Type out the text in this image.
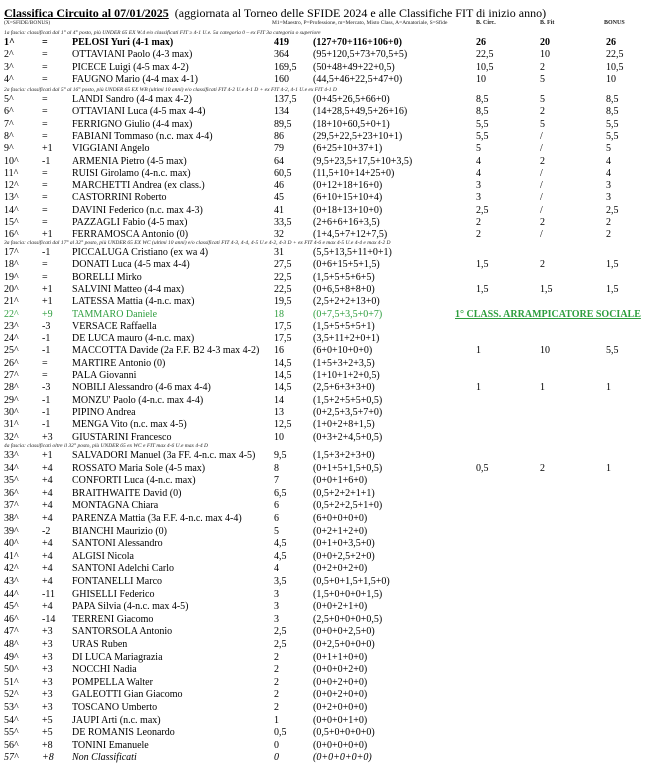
Classifica Circuito al 07/01/2025 (aggiornata al Torneo delle SFIDE 2024 e alle Classifiche FIT di inizio anno)
(X=SFIDE/BONUS)	M1=Maestro, P=Professione, m=Mercato, Misto Class, A=Amatoriale, S=Sfide	B. Circ.	B. Fit	BONUS
1a fascia: classificati dal 1° al 4° posto, più UNDER 65 EX W.4 e/o classificati FIT ≥ 4-1 U.e. 5a categoria 0 – ex FIT 3a categoria o superiore
2a fascia: classificati dal 5° al 16° posto, più UNDER 65 EX WB (ultimi 10 anni) e/o classificati FIT 4-2 U.e 4-1 D + ex FIT 4-2, 4-1 U.e ex FIT 4-1 D
3a fascia: classificati dal 17° al 32° posto, più UNDER 65 EX WC (ultimi 10 anni) e/o classificati FIT 4-3, 4-4, 4-5 U.e 4-2, 4-3 D + ex FIT 4-6 e max 4-5 U.e 4-4 e max 4-2 D
4a fascia: classificati oltre il 32° posto, più UNDER 65 ex WC e FIT max 4-6 U.e max 4-4 D
1^	= PELOSI Yuri (4-1 max)	419 (127+70+116+106+0)	26	20	26
2^	= OTTAVIANI Paolo (4-3 max)	364 (95+120,5+73+70,5+5)	22,5	10	22,5
3^	= PICECE Luigi (4-5 max 4-2)	169,5 (50+48+49+22+0,5)	10,5	2	10,5
4^	= FAUGNO Mario (4-4 max 4-1)	160 (44,5+46+22,5+47+0)	10	5	10
5^	= LANDI Sandro (4-4 max 4-2)	137,5 (0+45+26,5+66+0)	8,5	5	8,5
6^	= OTTAVIANI Luca (4-5 max 4-4)	134 (14+28,5+49,5+26+16)	8,5	2	8,5
7^	= FERRIGNO Giulio (4-4 max)	89,5 (18+10+60,5+0+1)	5,5	5	5,5
8^	= FABIANI Tommaso (n.c. max 4-4)	86	(29,5+22,5+23+10+1)	5,5	/	5,5
9^	+1 VIGGIANI Angelo	79	(6+25+10+37+1)	5	/	5
10^ -1 ARMENIA Pietro (4-5 max)	64	(9,5+23,5+17,5+10+3,5)	4	2	4
11^ = RUISI Girolamo (4-n.c. max)	60,5 (11,5+10+14+25+0)	4	/	4
12^ = MARCHETTI Andrea (ex class.)	46	(0+12+18+16+0)	3	/	3
13^ = CASTORRINI Roberto	45	(6+10+15+10+4)	3	/	3
14^ = DAVINI Federico (n.c. max 4-3)	41	(0+18+13+10+0)	2,5	/	2,5
15^ = PAZZAGLI Fabio (4-5 max)	33,5 (2+6+6+16+3,5)	2	2	2
16^ +1 FERRAMOSCA Antonio (0)	32	(1+4,5+7+12+7,5)	2	/	2
17^ -1 PICCALUGA Cristiano (ex wa 4)	31	(5,5+13,5+11+0+1)
18^ = DONATI Luca (4-5 max 4-4)	27,5 (0+6+15+5+1,5)	1,5	2	1,5
19^ = BORELLI Mirko	22,5 (1,5+5+5+6+5)
20^ +1 SALVINI Matteo (4-4 max)	22,5 (0+6,5+8+8+0)	1,5	1,5	1,5
21^ +1 LATESSA Mattia (4-n.c. max)	19,5 (2,5+2+2+13+0)
22^ +9 TAMMARO Daniele	18	(0+7,5+3,5+0+7)	1° CLASS. ARRAMPICATORE SOCIALE
23^ -3 VERSACE Raffaella	17,5 (1,5+5+5+5+1)
24^ -1 DE LUCA mauro (4-n.c. max)	17,5 (3,5+11+2+0+1)
25^ -1 MACCOTTA Davide (2a F.F. B2 4-3 max 4-2) 16	(6+0+10+0+0)	1	10	5,5
26^ = MARTIRE Antonio (0)	14,5 (1+5+3+2+3,5)
27^ = PALA Giovanni	14,5 (1+10+1+2+0,5)
28^ -3 NOBILI Alessandro (4-6 max 4-4)	14,5 (2,5+6+3+3+0)	1	1	1
29^ -1 MONZU' Paolo (4-n.c. max 4-4)	14	(1,5+2+5+5+0,5)
30^ -1 PIPINO Andrea	13	(0+2,5+3,5+7+0)
31^ -1 MENGA Vito (n.c. max 4-5)	12,5 (1+0+2+8+1,5)
32^ +3 GIUSTARINI Francesco	10	(0+3+2+4,5+0,5)
33^ +1 SALVADORI Manuel (3a FF. 4-n.c. max 4-5) 9,5	(1,5+3+2+3+0)
34^ +4 ROSSATO Maria Sole (4-5 max)	8	(0+1+5+1,5+0,5)	0,5	2	1
35^ +4 CONFORTI Luca (4-n.c. max)	7	(0+0+1+6+0)
36^ +4 BRAITHWAITE David (0)	6,5	(0,5+2+2+1+1)
37^ +4 MONTAGNA Chiara	6	(0,5+2+2,5+1+0)
38^ +4 PARENZA Mattia (3a F.F. 4-n.c. max 4-4)	6	(6+0+0+0+0)
39^ -2 BIANCHI Maurizio (0)	5	(0+2+1+2+0)
40^ +4 SANTONI Alessandro	4,5	(0+1+0+3,5+0)
41^ +4 ALGISI Nicola	4,5	(0+0+2,5+2+0)
42^ +4 SANTONI Adelchi Carlo	4	(0+2+0+2+0)
43^ +4 FONTANELLI Marco	3,5	(0,5+0+1,5+1,5+0)
44^ -11 GHISELLI Federico	3	(1,5+0+0+0+1,5)
45^ +4 PAPA Silvia (4-n.c. max 4-5)	3	(0+0+2+1+0)
46^ -14 TERRENI Giacomo	3	(2,5+0+0+0+0,5)
47^ +3 SANTORSOLA Antonio	2,5	(0+0+0+2,5+0)
48^ +3 URAS Ruben	2,5	(0+2,5+0+0+0)
49^ +3 DI LUCA Mariagrazia	2	(0+1+1+0+0)
50^ +3 NOCCHI Nadia	2	(0+0+0+2+0)
51^ +3 POMPELLA Walter	2	(0+0+2+0+0)
52^ +3 GALEOTTI Gian Giacomo	2	(0+0+2+0+0)
53^ +3 TOSCANO Umberto	2	(0+2+0+0+0)
54^ +5 JAUPI Arti (n.c. max)	1	(0+0+0+1+0)
55^ +5 DE ROMANIS Leonardo	0,5	(0,5+0+0+0+0)
56^ +8 TONINI Emanuele	0	(0+0+0+0+0)
57^ +8 Non Classificati	0	(0+0+0+0+0)
